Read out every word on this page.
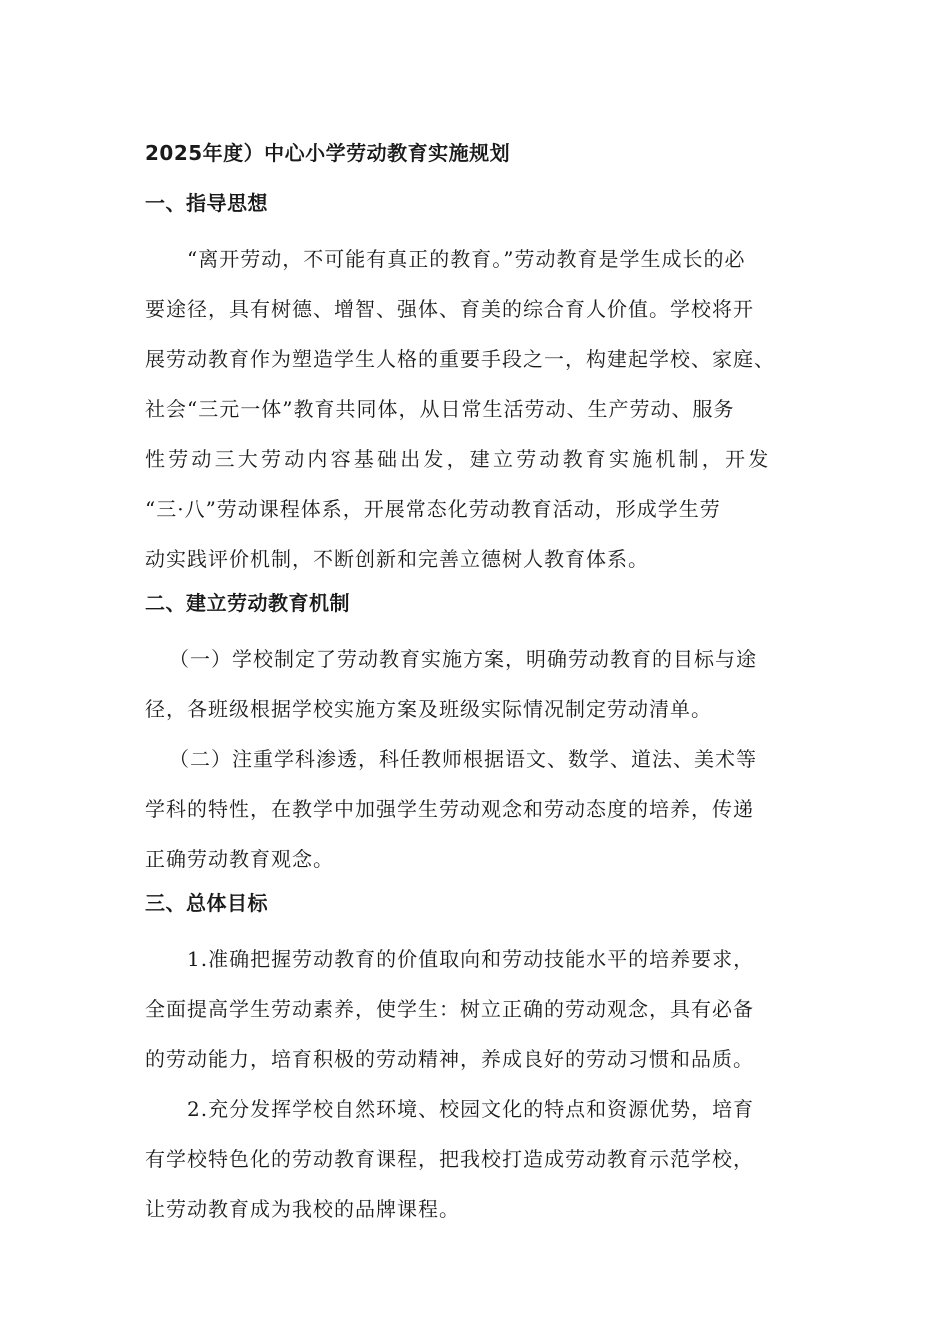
2025年度）中心小学劳动教育实施规划
一、指导思想
“离开劳动，不可能有真正的教育。”劳动教育是学生成长的必
要途径，具有树德、增智、强体、育美的综合育人价值。学校将开
展劳动教育作为塑造学生人格的重要手段之一，构建起学校、家庭、
社会“三元一体”教育共同体，从日常生活劳动、生产劳动、服务
性劳动三大劳动内容基础出发，建立劳动教育实施机制，开发
“三·八”劳动课程体系，开展常态化劳动教育活动，形成学生劳
动实践评价机制，不断创新和完善立德树人教育体系。
二、建立劳动教育机制
（一）学校制定了劳动教育实施方案，明确劳动教育的目标与途
径，各班级根据学校实施方案及班级实际情况制定劳动清单。
（二）注重学科渗透，科任教师根据语文、数学、道法、美术等
学科的特性，在教学中加强学生劳动观念和劳动态度的培养，传递
正确劳动教育观念。
三、总体目标
1.准确把握劳动教育的价值取向和劳动技能水平的培养要求，
全面提高学生劳动素养，使学生：树立正确的劳动观念，具有必备
的劳动能力，培育积极的劳动精神，养成良好的劳动习惯和品质。
2.充分发挥学校自然环境、校园文化的特点和资源优势，培育
有学校特色化的劳动教育课程，把我校打造成劳动教育示范学校，
让劳动教育成为我校的品牌课程。
